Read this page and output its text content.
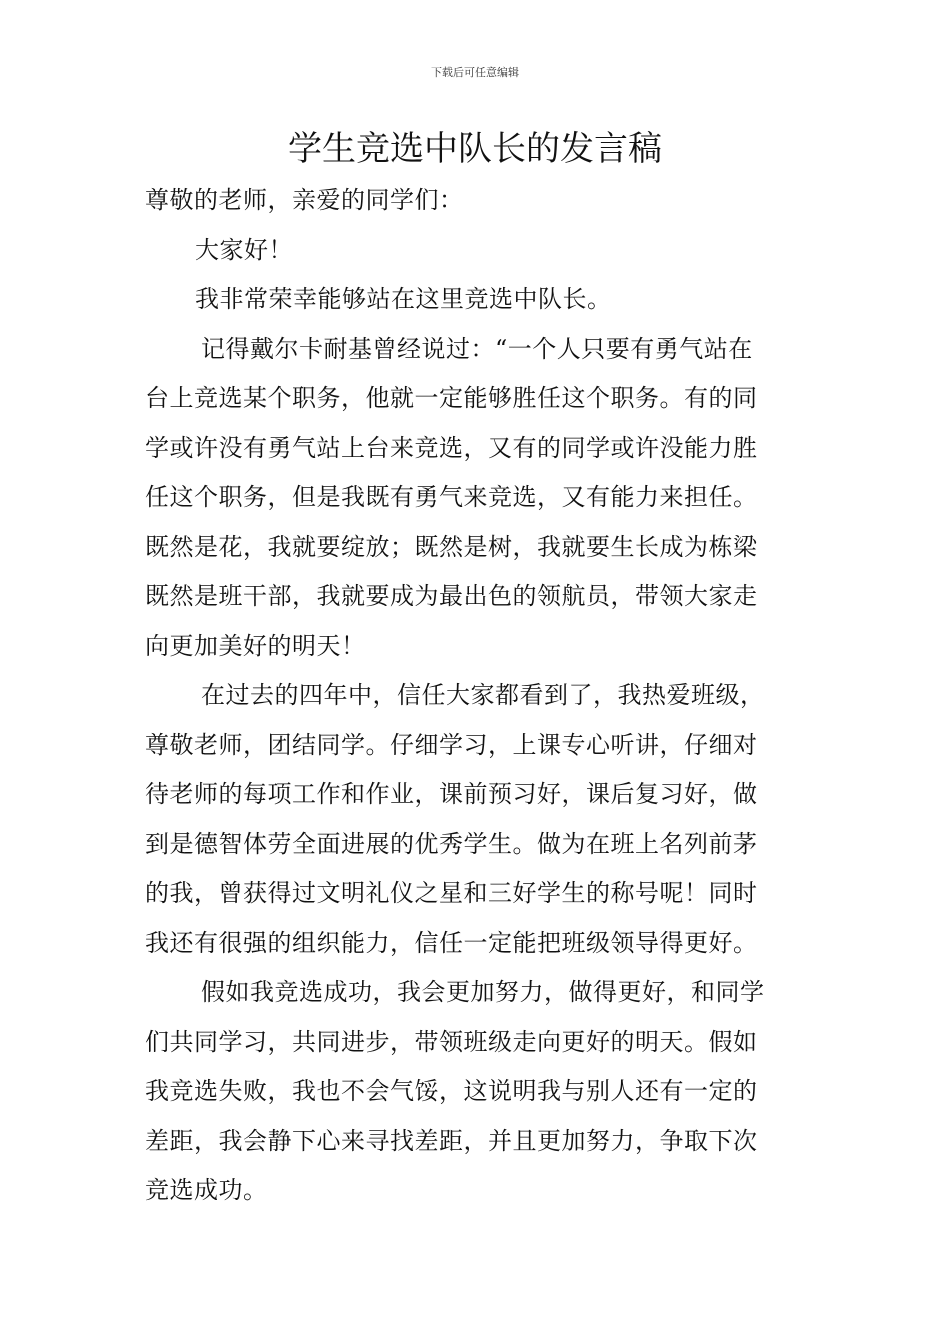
下载后可任意编辑
学生竞选中队长的发言稿
尊敬的老师，亲爱的同学们：
大家好！
我非常荣幸能够站在这里竞选中队长。
记得戴尔卡耐基曾经说过：“一个人只要有勇气站在
台上竞选某个职务，他就一定能够胜任这个职务。有的同
学或许没有勇气站上台来竞选，又有的同学或许没能力胜
任这个职务，但是我既有勇气来竞选，又有能力来担任。
既然是花，我就要绽放；既然是树，我就要生长成为栋梁
既然是班干部，我就要成为最出色的领航员，带领大家走
向更加美好的明天！
在过去的四年中，信任大家都看到了，我热爱班级，
尊敬老师，团结同学。仔细学习，上课专心听讲，仔细对
待老师的每项工作和作业，课前预习好，课后复习好，做
到是德智体劳全面进展的优秀学生。做为在班上名列前茅
的我，曾获得过文明礼仪之星和三好学生的称号呢！同时
我还有很强的组织能力，信任一定能把班级领导得更好。
假如我竞选成功，我会更加努力，做得更好，和同学
们共同学习，共同进步，带领班级走向更好的明天。假如
我竞选失败，我也不会气馁，这说明我与别人还有一定的
差距，我会静下心来寻找差距，并且更加努力，争取下次
竞选成功。
